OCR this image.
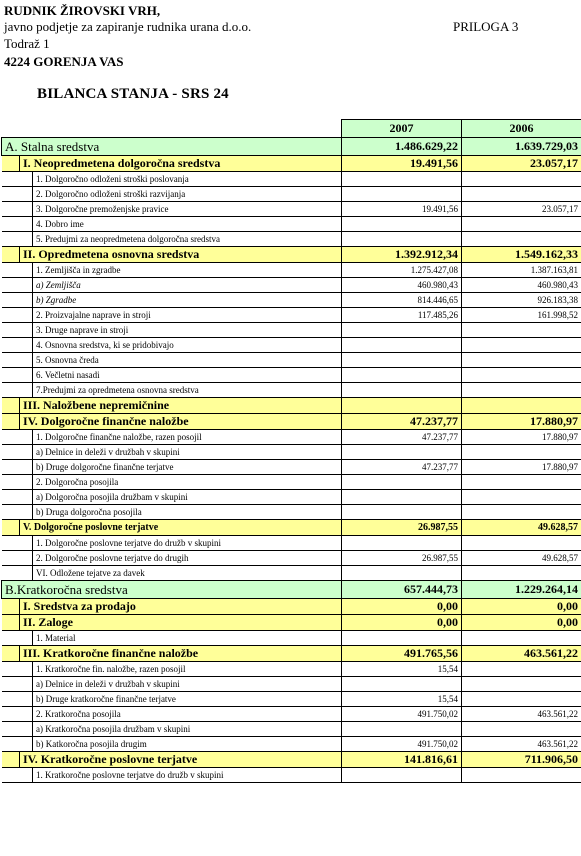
RUDNIK ŽIROVSKI VRH,
javno podjetje za zapiranje rudnika urana d.o.o.	PRILOGA 3
Todraž 1
4224 GORENJA VAS
BILANCA STANJA - SRS 24
			2007	2006
A. Stalna sredstva			1.486.629,22	1.639.729,03
	I. Neopredmetena dolgoročna sredstva		19.491,56	23.057,17
		1. Dolgoročno odloženi stroški poslovanja		
		2. Dolgoročno odloženi stroški razvijanja		
		3. Dolgoročne premoženjske pravice	19.491,56	23.057,17
		4. Dobro ime		
		5. Predujmi za neopredmetena dolgoročna sredstva		
	II. Opredmetena osnovna sredstva		1.392.912,34	1.549.162,33
		1. Zemljišča in zgradbe	1.275.427,08	1.387.163,81
		a) Zemljišča	460.980,43	460.980,43
		b) Zgradbe	814.446,65	926.183,38
		2. Proizvajalne naprave in stroji	117.485,26	161.998,52
		3. Druge naprave in stroji		
		4. Osnovna sredstva, ki se pridobivajo		
		5. Osnovna čreda		
		6. Večletni nasadi		
		7.Predujmi za opredmetena osnovna sredstva		
	III. Naložbene nepremičnine			
	IV. Dolgoročne finančne naložbe		47.237,77	17.880,97
		1. Dolgoročne finančne naložbe, razen posojil	47.237,77	17.880,97
		a) Delnice in deleži v družbah v skupini		
		b) Druge dolgoročne finančne terjatve	47.237,77	17.880,97
		2. Dolgoročna posojila		
		a) Dolgoročna posojila družbam v skupini		
		b) Druga dolgoročna posojila		
	V. Dolgoročne poslovne terjatve		26.987,55	49.628,57
		1. Dolgoročne poslovne terjatve do družb v skupini		
		2. Dolgoročne poslovne terjatve do drugih	26.987,55	49.628,57
		VI. Odložene tejatve za davek		
B.Kratkoročna sredstva			657.444,73	1.229.264,14
	I. Sredstva za prodajo		0,00	0,00
	II. Zaloge		0,00	0,00
		1. Material		
	III. Kratkoročne finančne naložbe		491.765,56	463.561,22
		1. Kratkoročne fin. naložbe, razen posojil	15,54	
		a) Delnice in deleži v družbah v skupini		
		b) Druge kratkoročne finančne terjatve	15,54	
		2. Kratkoročna posojila	491.750,02	463.561,22
		a) Kratkoročna posojila družbam v skupini		
		b) Katkoročna posojila drugim	491.750,02	463.561,22
	IV. Kratkoročne poslovne terjatve		141.816,61	711.906,50
		1. Kratkoročne poslovne terjatve do družb v skupini		
